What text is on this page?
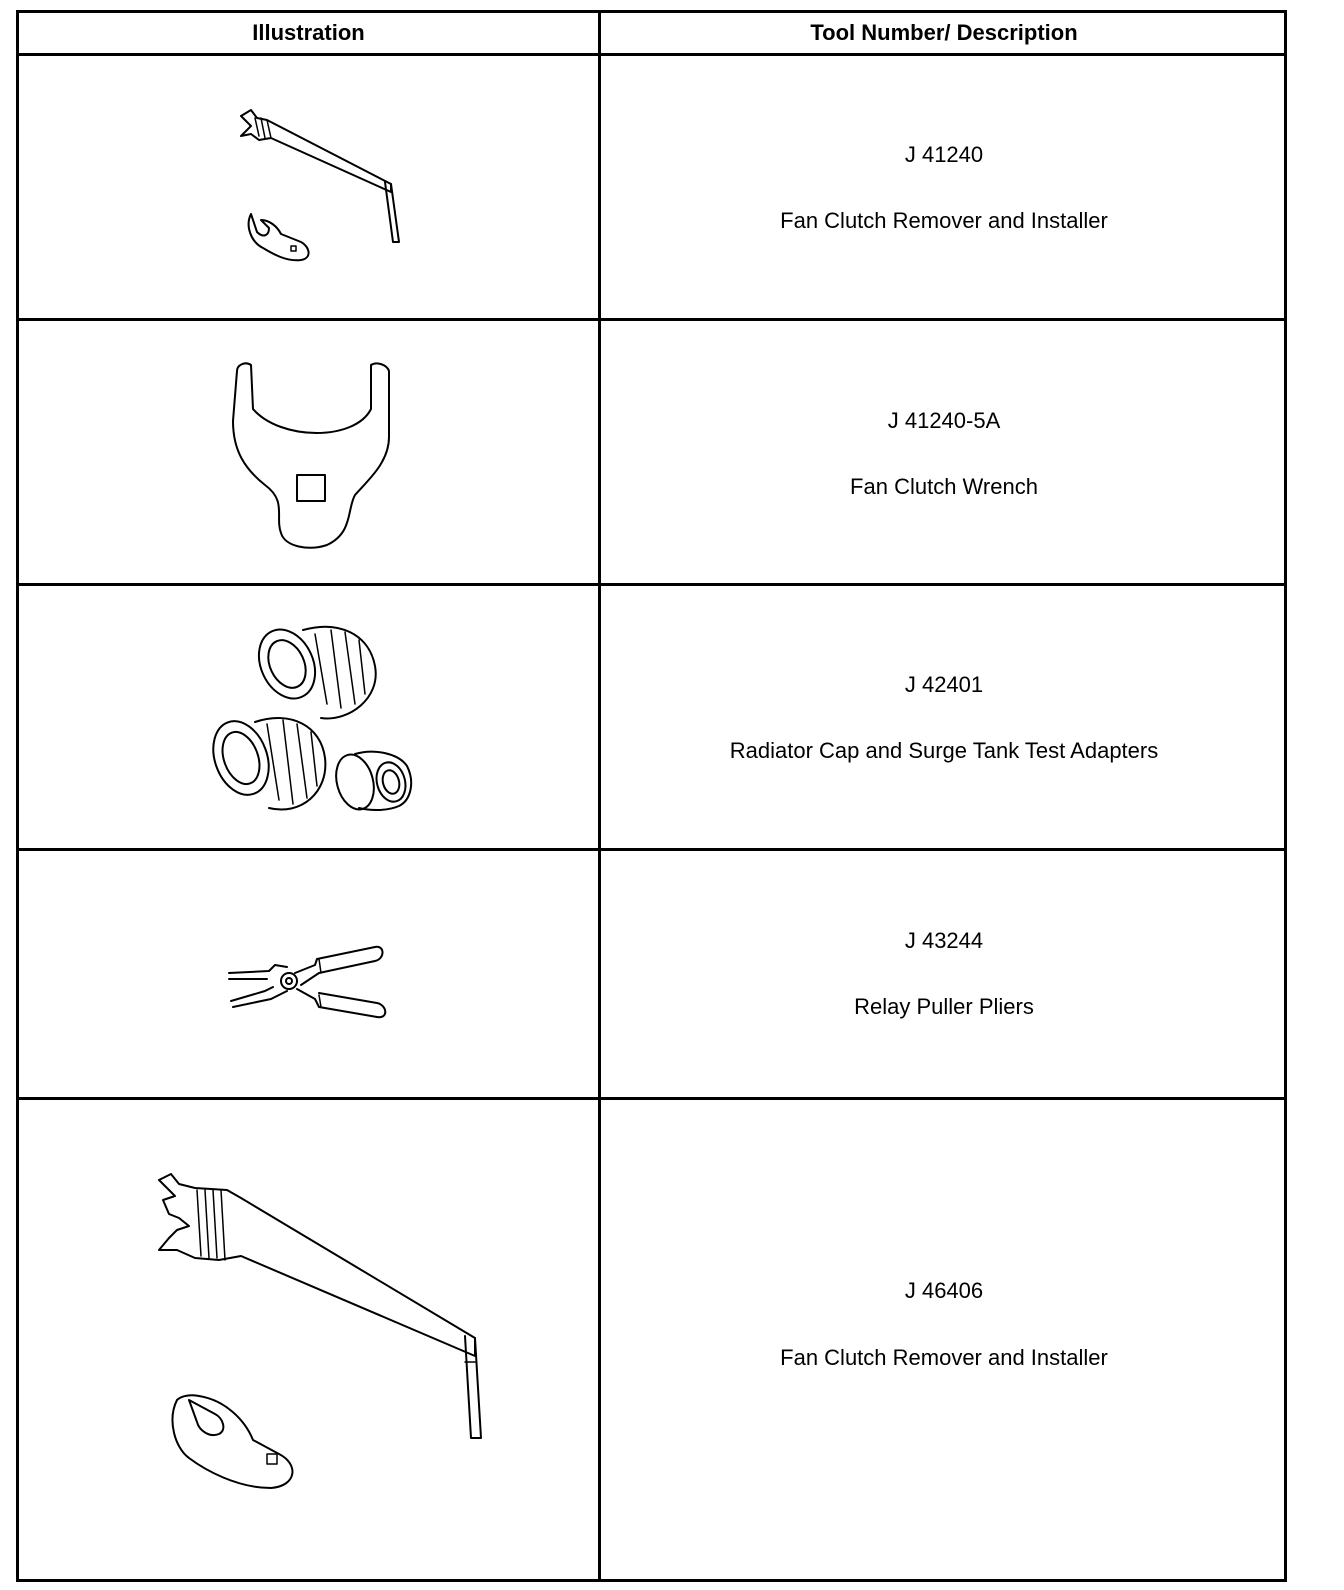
Illustration	Tool Number/ Description
J 41240
Fan Clutch Remover and Installer
J 41240-5A
Fan Clutch Wrench
J 42401
Radiator Cap and Surge Tank Test Adapters
J 43244
Relay Puller Pliers
J 46406
Fan Clutch Remover and Installer
